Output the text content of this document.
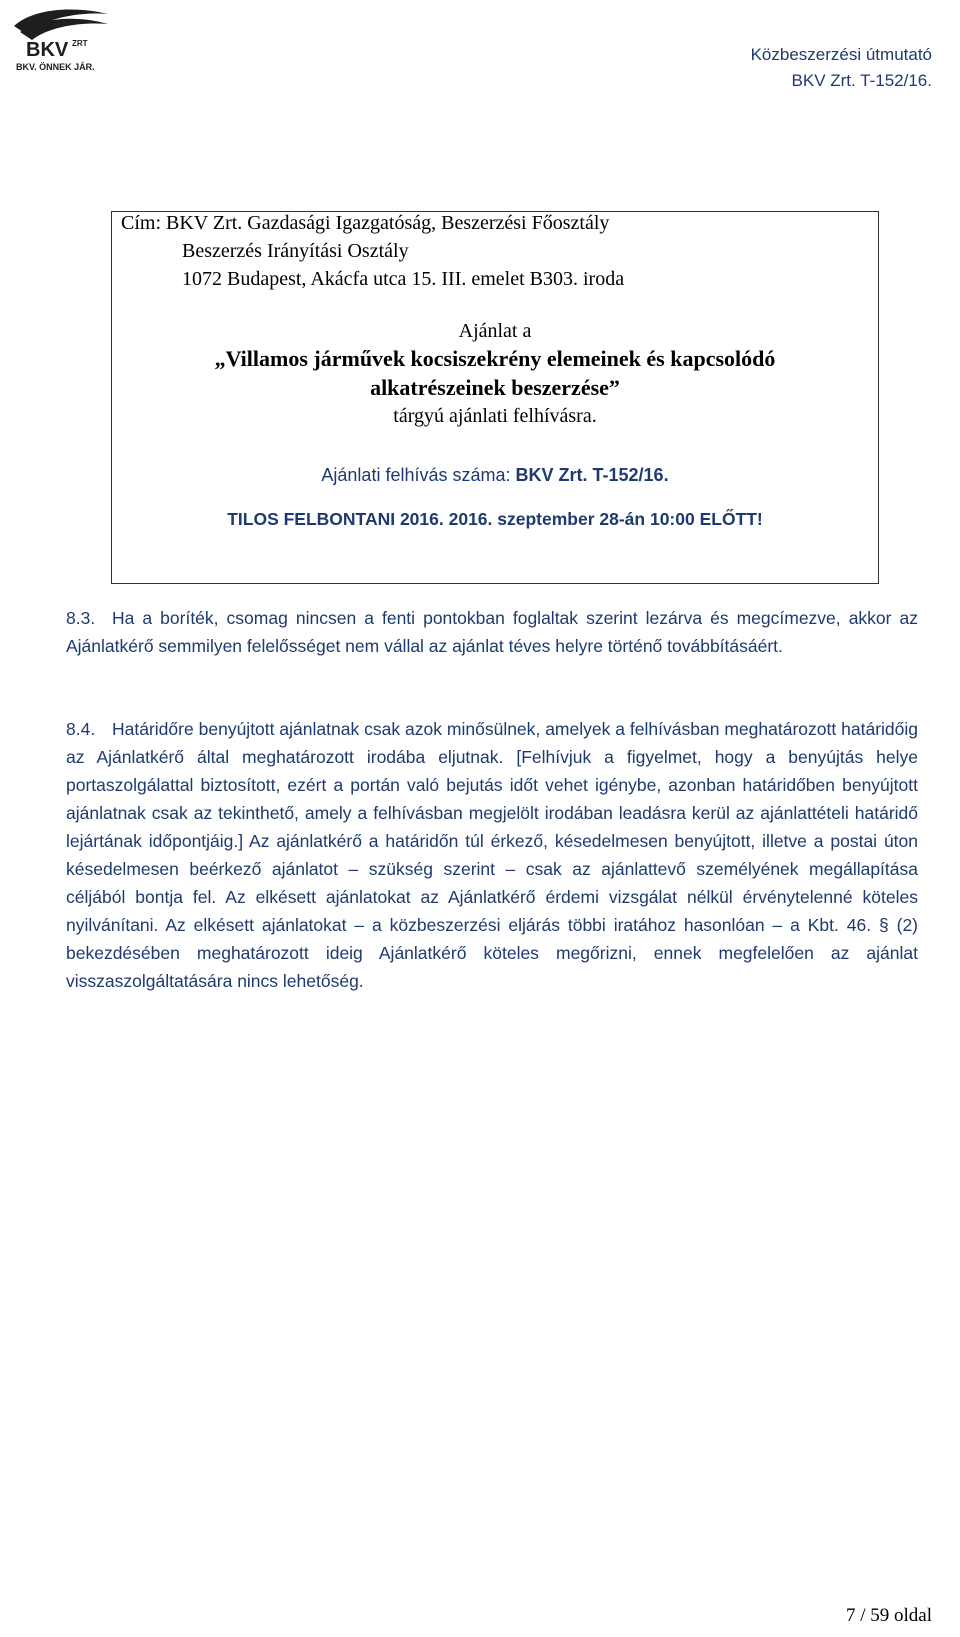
BKV ZRT
BKV. ÖNNEK JÁR.
Közbeszerzési útmutató
BKV Zrt. T-152/16.
Cím: BKV Zrt. Gazdasági Igazgatóság, Beszerzési Főosztály
Beszerzés Irányítási Osztály
1072 Budapest, Akácfa utca 15. III. emelet B303. iroda
Ajánlat a
„Villamos járművek kocsiszekrény elemeinek és kapcsolódó
alkatrészeinek beszerzése”
tárgyú ajánlati felhívásra.
Ajánlati felhívás száma: BKV Zrt. T-152/16.
TILOS FELBONTANI 2016. 2016. szeptember 28-án 10:00 ELŐTT!
8.3. Ha a boríték, csomag nincsen a fenti pontokban foglaltak szerint lezárva és megcímezve, akkor az Ajánlatkérő semmilyen felelősséget nem vállal az ajánlat téves helyre történő továbbításáért.
8.4. Határidőre benyújtott ajánlatnak csak azok minősülnek, amelyek a felhívásban meghatározott határidőig az Ajánlatkérő által meghatározott irodába eljutnak. [Felhívjuk a figyelmet, hogy a benyújtás helye portaszolgálattal biztosított, ezért a portán való bejutás időt vehet igénybe, azonban határidőben benyújtott ajánlatnak csak az tekinthető, amely a felhívásban megjelölt irodában leadásra kerül az ajánlattételi határidő lejártának időpontjáig.] Az ajánlatkérő a határidőn túl érkező, késedelmesen benyújtott, illetve a postai úton késedelmesen beérkező ajánlatot – szükség szerint – csak az ajánlattevő személyének megállapítása céljából bontja fel. Az elkésett ajánlatokat az Ajánlatkérő érdemi vizsgálat nélkül érvénytelenné köteles nyilvánítani. Az elkésett ajánlatokat – a közbeszerzési eljárás többi iratához hasonlóan – a Kbt. 46. § (2) bekezdésében meghatározott ideig Ajánlatkérő köteles megőrizni, ennek megfelelően az ajánlat visszaszolgáltatására nincs lehetőség.
7 / 59 oldal
